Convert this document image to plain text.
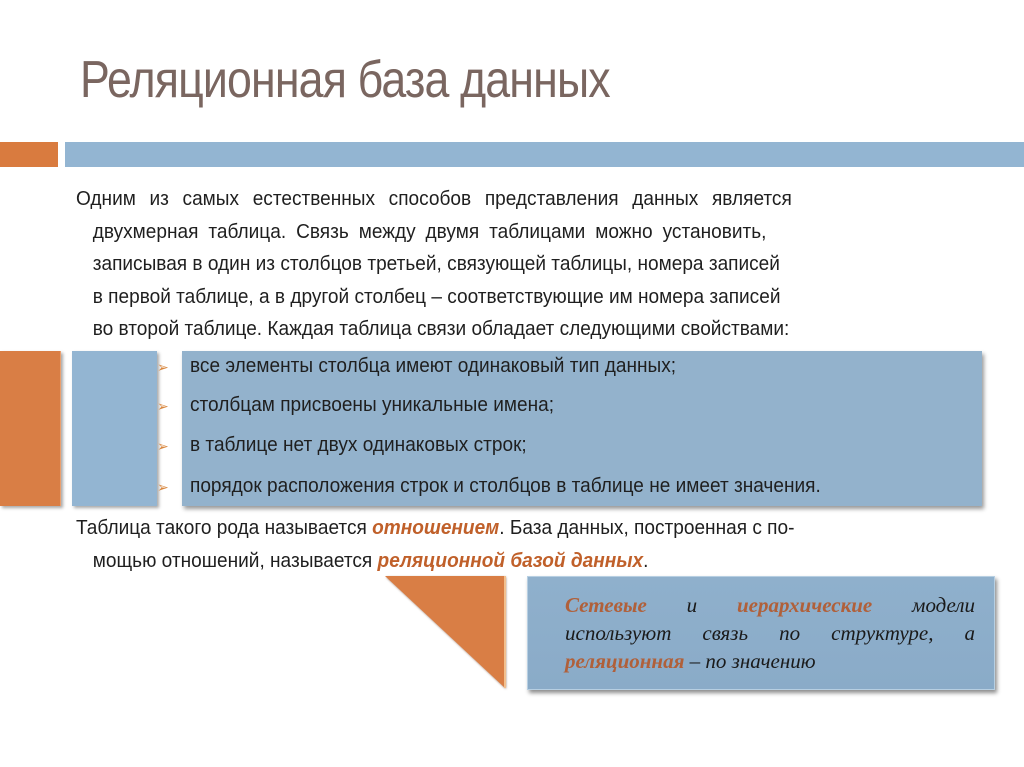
Реляционная база данных
Одним из самых естественных способов представления данных является
двухмерная таблица. Связь между двумя таблицами можно установить,
записывая в один из столбцов третьей, связующей таблицы, номера записей
в первой таблице, а в другой столбец – соответствующие им номера записей
во второй таблице. Каждая таблица связи обладает следующими свойствами:
➢ все элементы столбца имеют одинаковый тип данных;
➢ столбцам присвоены уникальные имена;
➢ в таблице нет двух одинаковых строк;
➢ порядок расположения строк и столбцов в таблице не имеет значения.
Таблица такого рода называется отношением. База данных, построенная с по-
мощью отношений, называется реляционной базой данных.
Сетевые и иерархические модели используют связь по структуре, а реляционная – по значению
